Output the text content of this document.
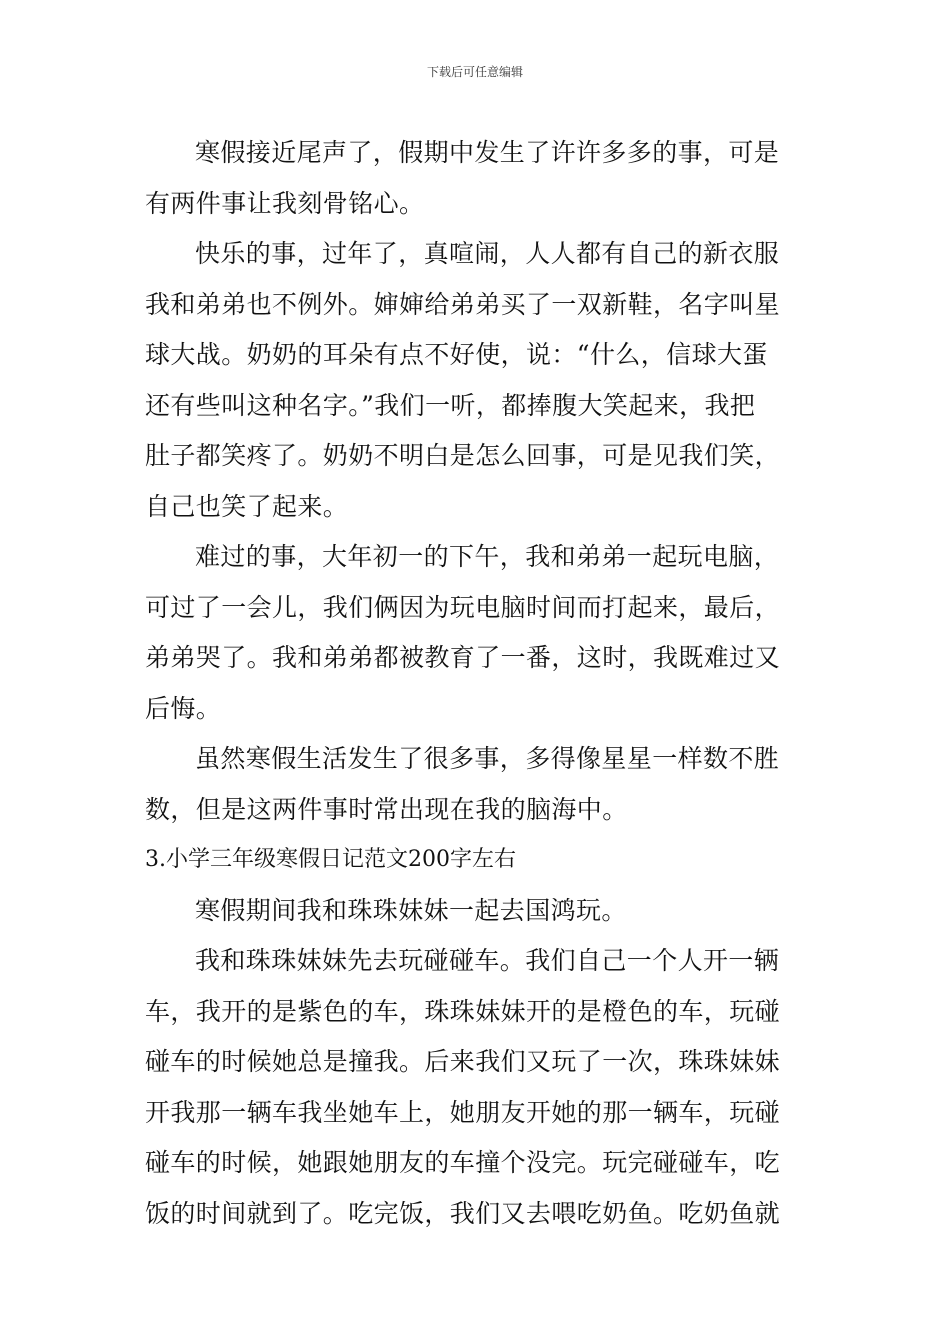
下载后可任意编辑
寒假接近尾声了，假期中发生了许许多多的事，可是
有两件事让我刻骨铭心。
快乐的事，过年了，真喧闹，人人都有自己的新衣服
我和弟弟也不例外。婶婶给弟弟买了一双新鞋，名字叫星
球大战。奶奶的耳朵有点不好使，说：“什么，信球大蛋
还有些叫这种名字。”我们一听，都捧腹大笑起来，我把
肚子都笑疼了。奶奶不明白是怎么回事，可是见我们笑，
自己也笑了起来。
难过的事，大年初一的下午，我和弟弟一起玩电脑，
可过了一会儿，我们俩因为玩电脑时间而打起来，最后，
弟弟哭了。我和弟弟都被教育了一番，这时，我既难过又
后悔。
虽然寒假生活发生了很多事，多得像星星一样数不胜
数，但是这两件事时常出现在我的脑海中。
3.小学三年级寒假日记范文200字左右
寒假期间我和珠珠妹妹一起去国鸿玩。
我和珠珠妹妹先去玩碰碰车。我们自己一个人开一辆
车，我开的是紫色的车，珠珠妹妹开的是橙色的车，玩碰
碰车的时候她总是撞我。后来我们又玩了一次，珠珠妹妹
开我那一辆车我坐她车上，她朋友开她的那一辆车，玩碰
碰车的时候，她跟她朋友的车撞个没完。玩完碰碰车，吃
饭的时间就到了。吃完饭，我们又去喂吃奶鱼。吃奶鱼就
